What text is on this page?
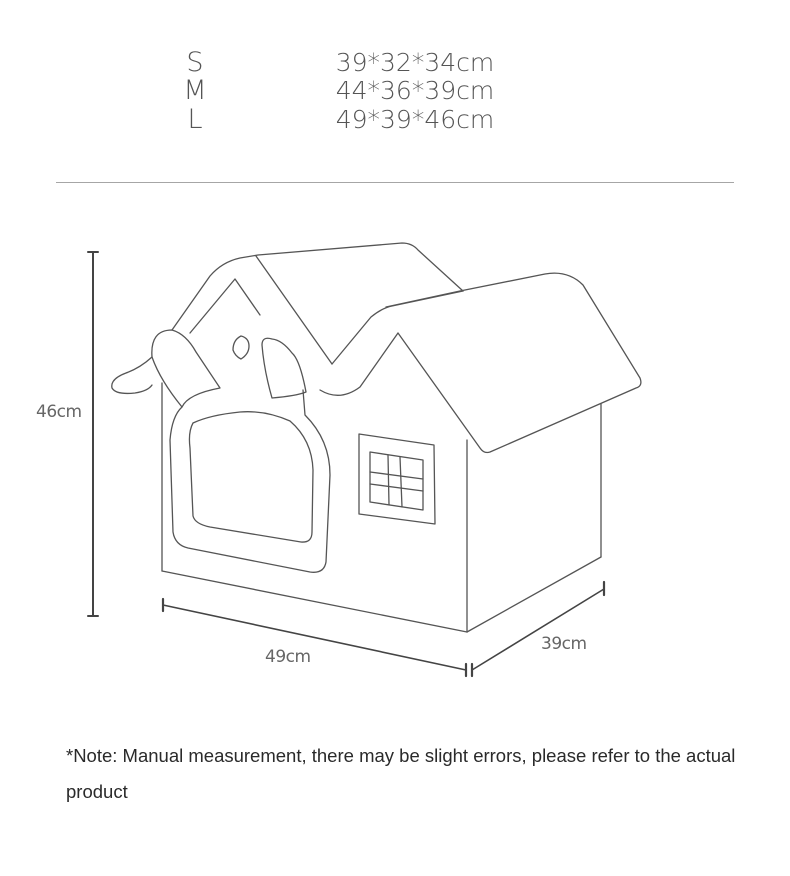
S	39*32*34cm
M	44*36*39cm
L	49*39*46cm
46cm
49cm
39cm
*Note: Manual measurement, there may be slight errors, please refer to the actual product
